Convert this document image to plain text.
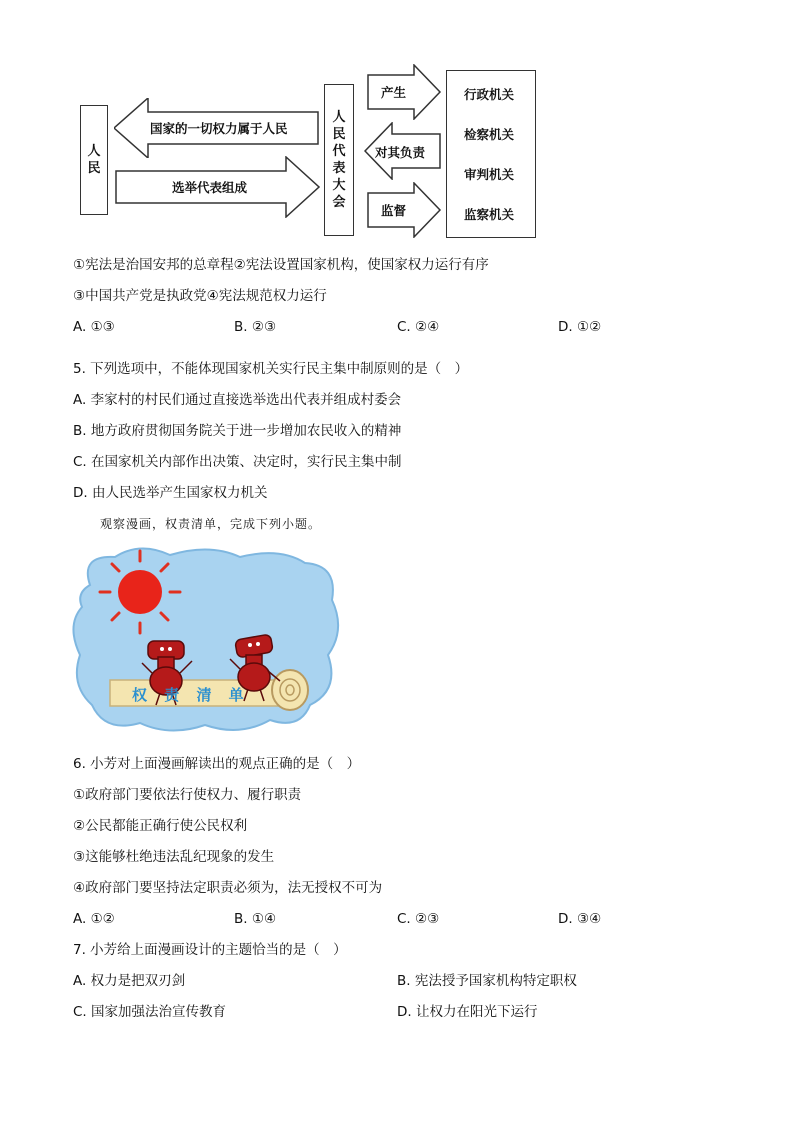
人民
国家的一切权力属于人民
选举代表组成
人民代表大会
产生
对其负责
监督
行政机关
检察机关
审判机关
监察机关
①宪法是治国安邦的总章程②宪法设置国家机构，使国家权力运行有序
③中国共产党是执政党④宪法规范权力运行
A. ①③	B. ②③	C. ②④	D. ①②
5. 下列选项中，不能体现国家机关实行民主集中制原则的是（　）
A. 李家村的村民们通过直接选举选出代表并组成村委会
B. 地方政府贯彻国务院关于进一步增加农民收入的精神
C. 在国家机关内部作出决策、决定时，实行民主集中制
D. 由人民选举产生国家权力机关
观察漫画，权责清单，完成下列小题。
权 责 清 单
6. 小芳对上面漫画解读出的观点正确的是（　）
①政府部门要依法行使权力、履行职责
②公民都能正确行使公民权利
③这能够杜绝违法乱纪现象的发生
④政府部门要坚持法定职责必须为，法无授权不可为
A. ①②	B. ①④	C. ②③	D. ③④
7. 小芳给上面漫画设计的主题恰当的是（　）
A. 权力是把双刃剑	B. 宪法授予国家机构特定职权
C. 国家加强法治宣传教育	D. 让权力在阳光下运行
